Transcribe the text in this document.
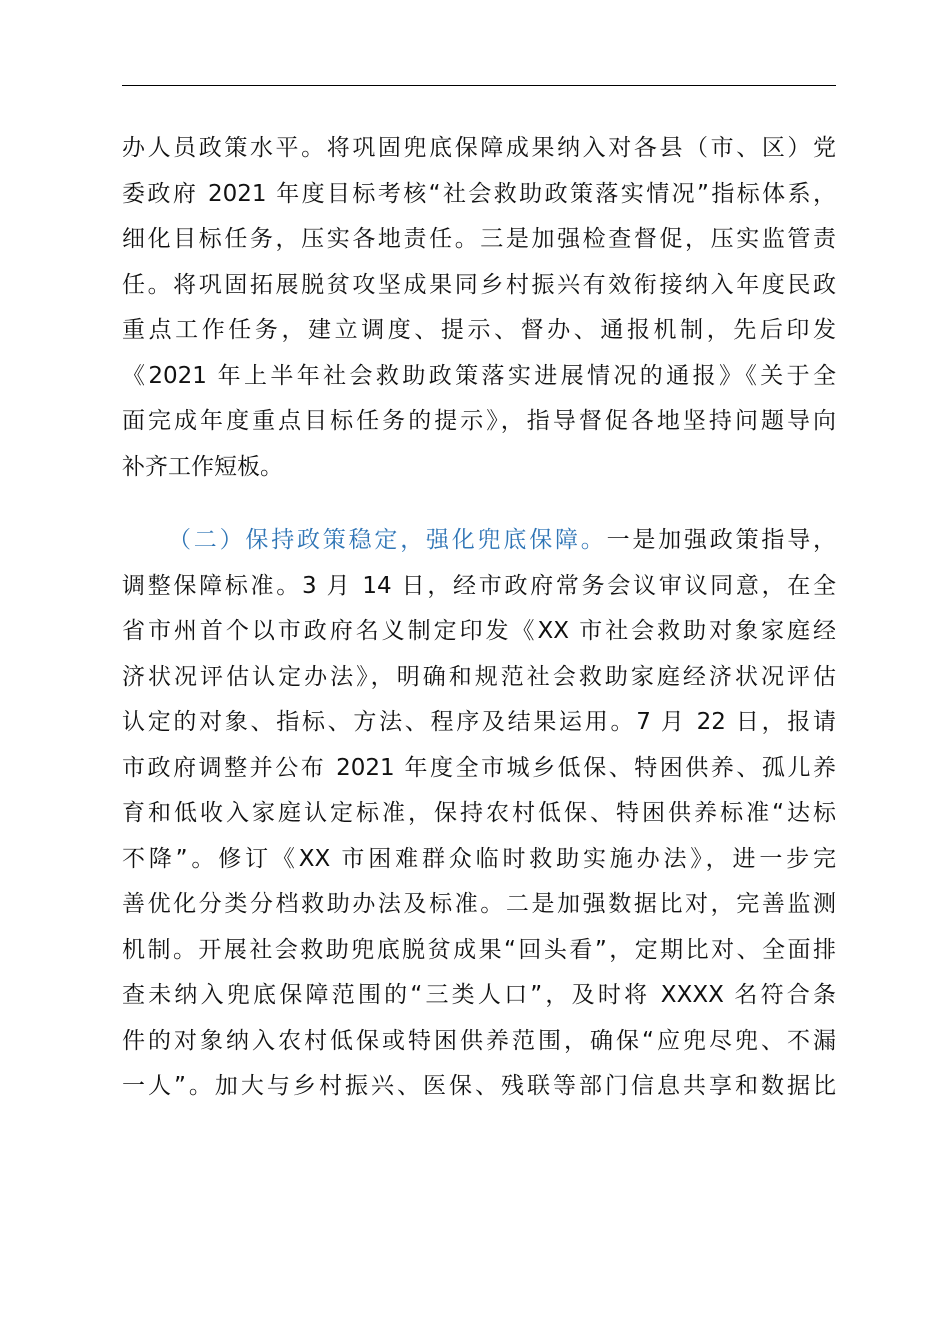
办人员政策水平。将巩固兜底保障成果纳入对各县（市、区）党
委政府 2021 年度目标考核“社会救助政策落实情况”指标体系，
细化目标任务，压实各地责任。三是加强检查督促，压实监管责
任。将巩固拓展脱贫攻坚成果同乡村振兴有效衔接纳入年度民政
重点工作任务，建立调度、提示、督办、通报机制，先后印发
《2021 年上半年社会救助政策落实进展情况的通报》《关于全
面完成年度重点目标任务的提示》，指导督促各地坚持问题导向
补齐工作短板。
（二）保持政策稳定，强化兜底保障。一是加强政策指导，
调整保障标准。3 月 14 日，经市政府常务会议审议同意，在全
省市州首个以市政府名义制定印发《XX 市社会救助对象家庭经
济状况评估认定办法》，明确和规范社会救助家庭经济状况评估
认定的对象、指标、方法、程序及结果运用。7 月 22 日，报请
市政府调整并公布 2021 年度全市城乡低保、特困供养、孤儿养
育和低收入家庭认定标准，保持农村低保、特困供养标准“达标
不降”。修订《XX 市困难群众临时救助实施办法》，进一步完
善优化分类分档救助办法及标准。二是加强数据比对，完善监测
机制。开展社会救助兜底脱贫成果“回头看”，定期比对、全面排
查未纳入兜底保障范围的“三类人口”，及时将 XXXX 名符合条
件的对象纳入农村低保或特困供养范围，确保“应兜尽兜、不漏
一人”。加大与乡村振兴、医保、残联等部门信息共享和数据比
